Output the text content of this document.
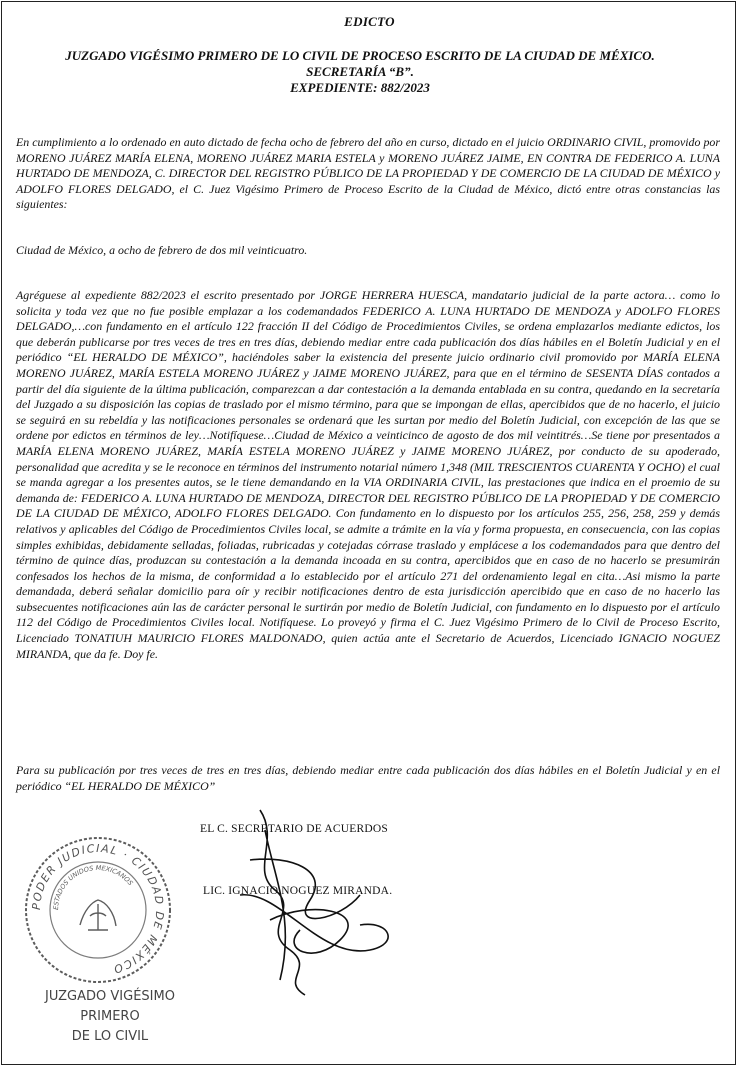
EDICTO
JUZGADO VIGÉSIMO PRIMERO DE LO CIVIL DE PROCESO ESCRITO DE LA CIUDAD DE MÉXICO.
SECRETARÍA “B”.
EXPEDIENTE: 882/2023

En cumplimiento a lo ordenado en auto dictado de fecha ocho de febrero del año en curso, dictado en el juicio ORDINARIO CIVIL, promovido por MORENO JUÁREZ MARÍA ELENA, MORENO JUÁREZ MARIA ESTELA y MORENO JUÁREZ JAIME, EN CONTRA DE FEDERICO A. LUNA HURTADO DE MENDOZA, C. DIRECTOR DEL REGISTRO PÚBLICO DE LA PROPIEDAD Y DE COMERCIO DE LA CIUDAD DE MÉXICO y ADOLFO FLORES DELGADO, el C. Juez Vigésimo Primero de Proceso Escrito de la Ciudad de México, dictó entre otras constancias las siguientes:

Ciudad de México, a ocho de febrero de dos mil veinticuatro.

Agréguese al expediente 882/2023 el escrito presentado por JORGE HERRERA HUESCA, mandatario judicial de la parte actora… como lo solicita y toda vez que no fue posible emplazar a los codemandados FEDERICO A. LUNA HURTADO DE MENDOZA y ADOLFO FLORES DELGADO,…con fundamento en el artículo 122 fracción II del Código de Procedimientos Civiles, se ordena emplazarlos mediante edictos, los que deberán publicarse por tres veces de tres en tres días, debiendo mediar entre cada publicación dos días hábiles en el Boletín Judicial y en el periódico “EL HERALDO DE MÉXICO”, haciéndoles saber la existencia del presente juicio ordinario civil promovido por MARÍA ELENA MORENO JUÁREZ, MARÍA ESTELA MORENO JUÁREZ y JAIME MORENO JUÁREZ, para que en el término de SESENTA DÍAS contados a partir del día siguiente de la última publicación, comparezcan a dar contestación a la demanda entablada en su contra, quedando en la secretaría del Juzgado a su disposición las copias de traslado por el mismo término, para que se impongan de ellas, apercibidos que de no hacerlo, el juicio se seguirá en su rebeldía y las notificaciones personales se ordenará que les surtan por medio del Boletín Judicial, con excepción de las que se ordene por edictos en términos de ley…Notifíquese…Ciudad de México a veinticinco de agosto de dos mil veintitrés…Se tiene por presentados a MARÍA ELENA MORENO JUÁREZ, MARÍA ESTELA MORENO JUÁREZ y JAIME MORENO JUÁREZ, por conducto de su apoderado, personalidad que acredita y se le reconoce en términos del instrumento notarial número 1,348 (MIL TRESCIENTOS CUARENTA Y OCHO) el cual se manda agregar a los presentes autos, se le tiene demandando en la VIA ORDINARIA CIVIL, las prestaciones que indica en el proemio de su demanda de: FEDERICO A. LUNA HURTADO DE MENDOZA, DIRECTOR DEL REGISTRO PÚBLICO DE LA PROPIEDAD Y DE COMERCIO DE LA CIUDAD DE MÉXICO, ADOLFO FLORES DELGADO. Con fundamento en lo dispuesto por los artículos 255, 256, 258, 259 y demás relativos y aplicables del Código de Procedimientos Civiles local, se admite a trámite en la vía y forma propuesta, en consecuencia, con las copias simples exhibidas, debidamente selladas, foliadas, rubricadas y cotejadas córrase traslado y emplácese a los codemandados para que dentro del término de quince días, produzcan su contestación a la demanda incoada en su contra, apercibidos que en caso de no hacerlo se presumirán confesados los hechos de la misma, de conformidad a lo establecido por el artículo 271 del ordenamiento legal en cita…Asi mismo la parte demandada, deberá señalar domicilio para oír y recibir notificaciones dentro de esta jurisdicción apercibido que en caso de no hacerlo las subsecuentes notificaciones aún las de carácter personal le surtirán por medio de Boletín Judicial, con fundamento en lo dispuesto por el artículo 112 del Código de Procedimientos Civiles local. Notifíquese. Lo proveyó y firma el C. Juez Vigésimo Primero de lo Civil de Proceso Escrito, Licenciado TONATIUH MAURICIO FLORES MALDONADO, quien actúa ante el Secretario de Acuerdos, Licenciado IGNACIO NOGUEZ MIRANDA, que da fe. Doy fe.

Para su publicación por tres veces de tres en tres días, debiendo mediar entre cada publicación dos días hábiles en el Boletín Judicial y en el periódico “EL HERALDO DE MÉXICO”

EL C. SECRETARIO DE ACUERDOS
LIC. IGNACIO NOGUEZ MIRANDA.
PODER JUDICIAL · CIUDAD DE MÉXICO
ESTADOS UNIDOS MEXICANOS
JUZGADO VIGÉSIMO PRIMERO
DE LO CIVIL
